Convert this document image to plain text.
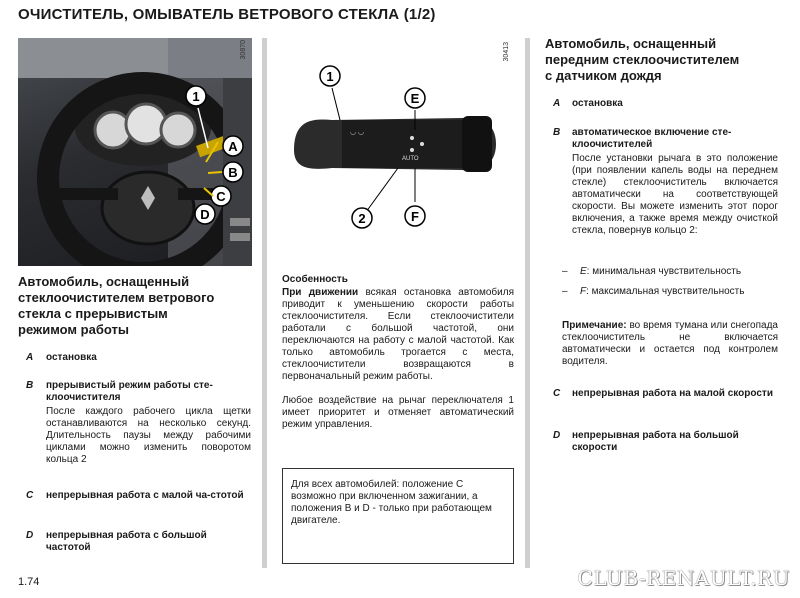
ОЧИСТИТЕЛЬ, ОМЫВАТЕЛЬ ВЕТРОВОГО СТЕКЛА (1/2)
1
A
B
C
D
30870
◡ ◡
AUTO
1
E
2	F
30413
Автомобиль, оснащенный
стеклоочистителем ветрового
стекла с прерывистым
режимом работы
A остановка
B прерывистый режим работы сте-клоочистителя
После каждого рабочего цикла щетки останавливаются на несколько секунд. Длительность паузы между рабочими циклами можно изменить поворотом кольца 2
C непрерывная работа с малой ча-стотой
D непрерывная работа с большой частотой
Особенность
При движении всякая остановка автомобиля приводит к уменьшению скорости работы стеклоочистителя. Если стеклоочистители работали с большой частотой, они переключаются на работу с малой частотой. Как только автомобиль трогается с места, стеклоочистители возвращаются в первоначальный режим работы.
Любое воздействие на рычаг переключателя 1 имеет приоритет и отменяет автоматический режим управления.
Для всех автомобилей: положение C возможно при включенном зажигании, а положения B и D - только при работающем двигателе.
Автомобиль, оснащенный
передним стеклоочистителем
с датчиком дождя
A остановка
B автоматическое включение сте-клоочистителей
После установки рычага в это положение (при появлении капель воды на переднем стекле) стеклоочиститель включается автоматически на соответствующей скорости. Вы можете изменить этот порог включения, а также время между очисткой стекла, повернув кольцо 2:
– E: минимальная чувствительность
– F: максимальная чувствительность
Примечание: во время тумана или снегопада стеклоочиститель не включается автоматически и остается под контролем водителя.
C непрерывная работа на малой скорости
D непрерывная работа на большой скорости
1.74	CLUB-RENAULT.RU
